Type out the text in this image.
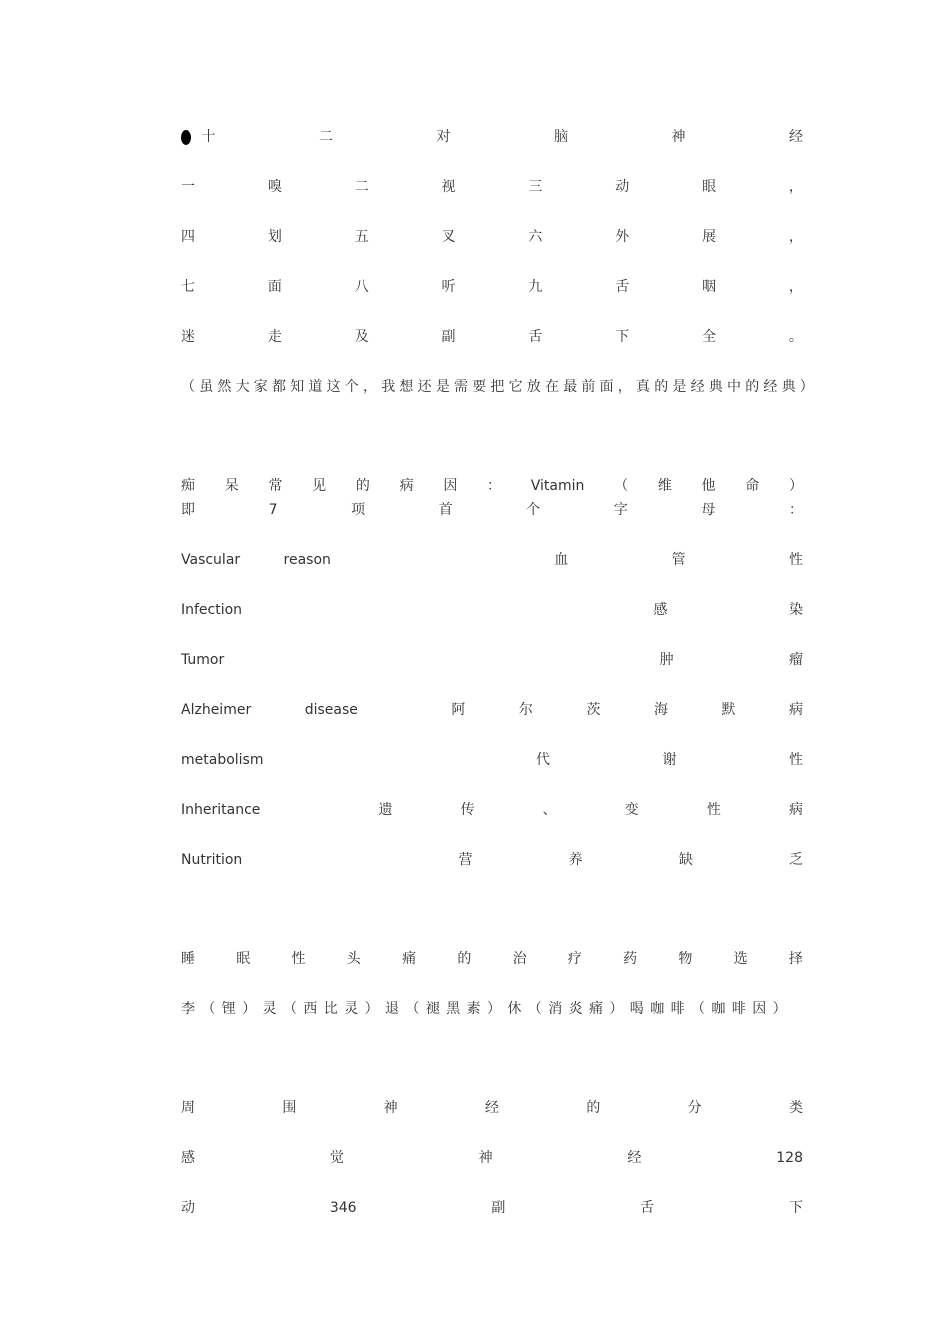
十	二	对	脑	神	经
一	嗅	二	视	三	动	眼	，
四	划	五	叉	六	外	展	，
七	面	八	听	九	舌	咽	，
迷	走	及	副	舌	下	全	。
（虽然大家都知道这个，我想还是需要把它放在最前面，真的是经典中的经典）
痴 呆 常 见 的 病 因 ： Vitamin （ 维 他 命 ）
即	7	项	首	个	字	母	：
Vascular	reason	血	管	性
Infection	感	染
Tumor	肿	瘤
Alzheimer	disease	阿	尔	茨	海	默	病
metabolism	代	谢	性
Inheritance	遗	传	、	变	性	病
Nutrition	营	养	缺	乏
睡	眠	性	头	痛	的	治	疗	药	物	选	择
李（锂）灵（西比灵）退（褪黑素）休（消炎痛）喝咖啡（咖啡因）
周	围	神	经	的	分	类
感	觉	神	经	128
动	346	副	舌	下
